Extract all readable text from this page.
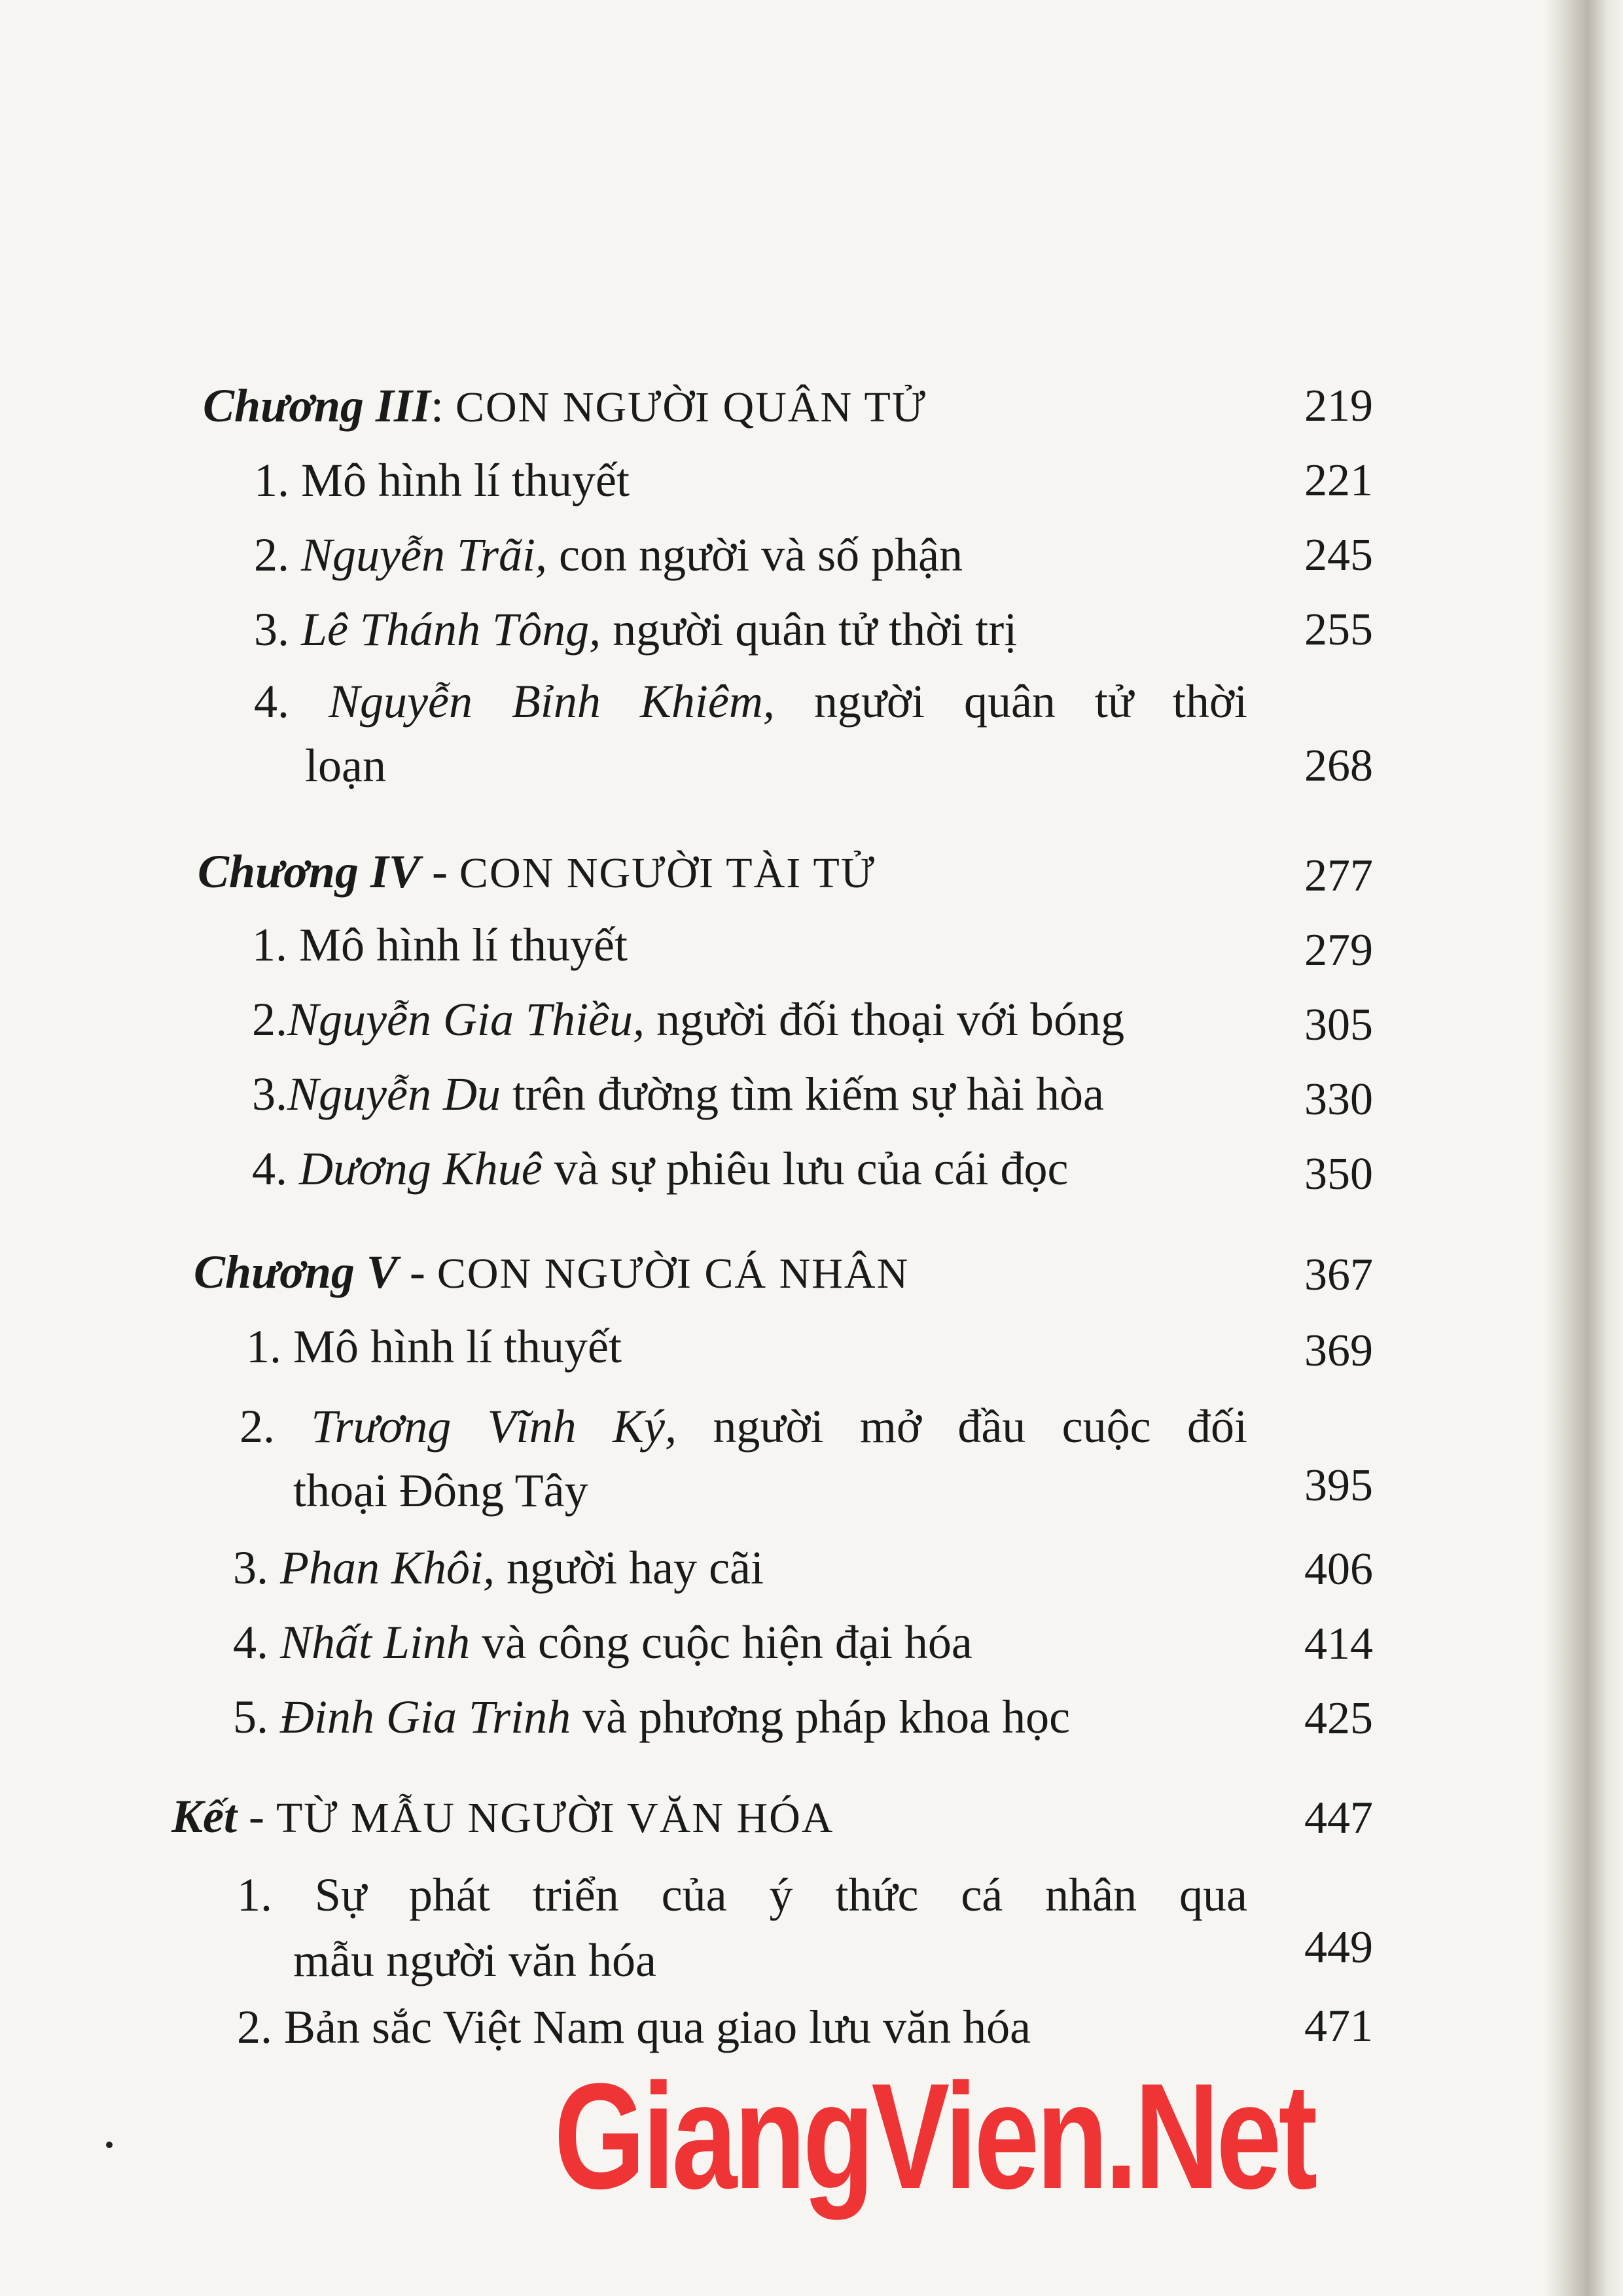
Chương III: CON NGƯỜI QUÂN TỬ	219
1. Mô hình lí thuyết	221
2. Nguyễn Trãi, con người và số phận	245
3. Lê Thánh Tông, người quân tử thời trị	255
4. Nguyễn Bỉnh Khiêm, người quân tử thời
loạn	268
Chương IV - CON NGƯỜI TÀI TỬ	277
1. Mô hình lí thuyết	279
2.Nguyễn Gia Thiều, người đối thoại với bóng	305
3.Nguyễn Du trên đường tìm kiếm sự hài hòa	330
4. Dương Khuê và sự phiêu lưu của cái đọc	350
Chương V - CON NGƯỜI CÁ NHÂN	367
1. Mô hình lí thuyết	369
2. Trương Vĩnh Ký, người mở đầu cuộc đối
thoại Đông Tây	395
3. Phan Khôi, người hay cãi	406
4. Nhất Linh và công cuộc hiện đại hóa	414
5. Đinh Gia Trinh và phương pháp khoa học	425
Kết - TỪ MẪU NGƯỜI VĂN HÓA	447
1. Sự phát triển của ý thức cá nhân qua
mẫu người văn hóa	449
2. Bản sắc Việt Nam qua giao lưu văn hóa	471
GiangVien.Net
